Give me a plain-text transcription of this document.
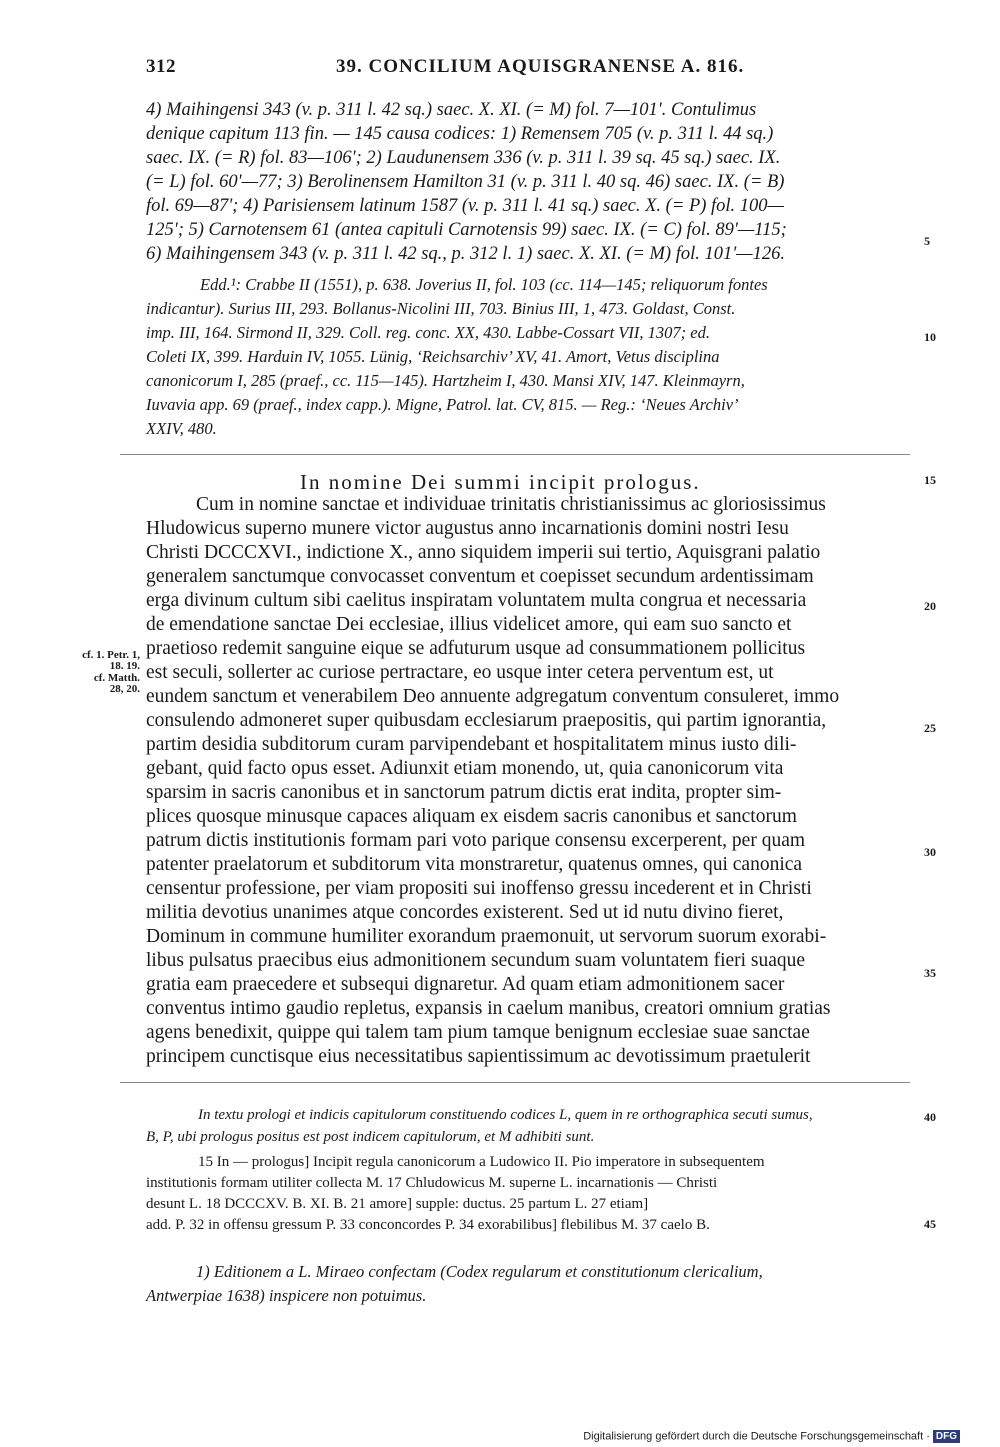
312	39. CONCILIUM AQUISGRANENSE A. 816.
4) Maihingensi 343 (v. p. 311 l. 42 sq.) saec. X. XI. (= M) fol. 7—101'. Contulimus
denique capitum 113 fin. — 145 causa codices: 1) Remensem 705 (v. p. 311 l. 44 sq.)
saec. IX. (= R) fol. 83—106'; 2) Laudunensem 336 (v. p. 311 l. 39 sq. 45 sq.) saec. IX.
(= L) fol. 60'—77; 3) Berolinensem Hamilton 31 (v. p. 311 l. 40 sq. 46) saec. IX. (= B)
fol. 69—87'; 4) Parisiensem latinum 1587 (v. p. 311 l. 41 sq.) saec. X. (= P) fol. 100—
125'; 5) Carnotensem 61 (antea capituli Carnotensis 99) saec. IX. (= C) fol. 89'—115;
6) Maihingensem 343 (v. p. 311 l. 42 sq., p. 312 l. 1) saec. X. XI. (= M) fol. 101'—126.
Edd.¹: Crabbe II (1551), p. 638. Joverius II, fol. 103 (cc. 114—145; reliquorum fontes
indicantur). Surius III, 293. Bollanus-Nicolini III, 703. Binius III, 1, 473. Goldast, Const.
imp. III, 164. Sirmond II, 329. Coll. reg. conc. XX, 430. Labbe-Cossart VII, 1307; ed.
Coleti IX, 399. Harduin IV, 1055. Lünig, ‘Reichsarchiv’ XV, 41. Amort, Vetus disciplina
canonicorum I, 285 (praef., cc. 115—145). Hartzheim I, 430. Mansi XIV, 147. Kleinmayrn,
Iuvavia app. 69 (praef., index capp.). Migne, Patrol. lat. CV, 815. — Reg.: ‘Neues Archiv’
XXIV, 480.
In nomine Dei summi incipit prologus.
Cum in nomine sanctae et individuae trinitatis christianissimus ac gloriosissimus
Hludowicus superno munere victor augustus anno incarnationis domini nostri Iesu
Christi DCCCXVI., indictione X., anno siquidem imperii sui tertio, Aquisgrani palatio
generalem sanctumque convocasset conventum et coepisset secundum ardentissimam
erga divinum cultum sibi caelitus inspiratam voluntatem multa congrua et necessaria
de emendatione sanctae Dei ecclesiae, illius videlicet amore, qui eam suo sancto et
praetioso redemit sanguine eique se adfuturum usque ad consummationem pollicitus
est seculi, sollerter ac curiose pertractare, eo usque inter cetera perventum est, ut
eundem sanctum et venerabilem Deo annuente adgregatum conventum consuleret, immo
consulendo admoneret super quibusdam ecclesiarum praepositis, qui partim ignorantia,
partim desidia subditorum curam parvipendebant et hospitalitatem minus iusto dili-
gebant, quid facto opus esset. Adiunxit etiam monendo, ut, quia canonicorum vita
sparsim in sacris canonibus et in sanctorum patrum dictis erat indita, propter sim-
plices quosque minusque capaces aliquam ex eisdem sacris canonibus et sanctorum
patrum dictis institutionis formam pari voto parique consensu excerperent, per quam
patenter praelatorum et subditorum vita monstraretur, quatenus omnes, qui canonica
censentur professione, per viam propositi sui inoffenso gressu incederent et in Christi
militia devotius unanimes atque concordes existerent. Sed ut id nutu divino fieret,
Dominum in commune humiliter exorandum praemonuit, ut servorum suorum exorabi-
libus pulsatus praecibus eius admonitionem secundum suam voluntatem fieri suaque
gratia eam praecedere et subsequi dignaretur. Ad quam etiam admonitionem sacer
conventus intimo gaudio repletus, expansis in caelum manibus, creatori omnium gratias
agens benedixit, quippe qui talem tam pium tamque benignum ecclesiae suae sanctae
principem cunctisque eius necessitatibus sapientissimum ac devotissimum praetulerit
cf. 1. Petr. 1,
18. 19.
cf. Matth.
28, 20.
In textu prologi et indicis capitulorum constituendo codices L, quem in re orthographica secuti sumus,
B, P, ubi prologus positus est post indicem capitulorum, et M adhibiti sunt.
15 In — prologus] Incipit regula canonicorum a Ludowico II. Pio imperatore in subsequentem
institutionis formam utiliter collecta M. 17 Chludowicus M. superne L. incarnationis — Christi
desunt L. 18 DCCCXV. B. XI. B. 21 amore] supple: ductus. 25 partum L. 27 etiam]
add. P. 32 in offensu gressum P. 33 conconcordes P. 34 exorabilibus] flebilibus M. 37 caelo B.
1) Editionem a L. Miraeo confectam (Codex regularum et constitutionum clericalium,
Antwerpiae 1638) inspicere non potuimus.
5
10
15
20
25
30
35
40
45
Digitalisierung gefördert durch die Deutsche Forschungsgemeinschaft · DFG
